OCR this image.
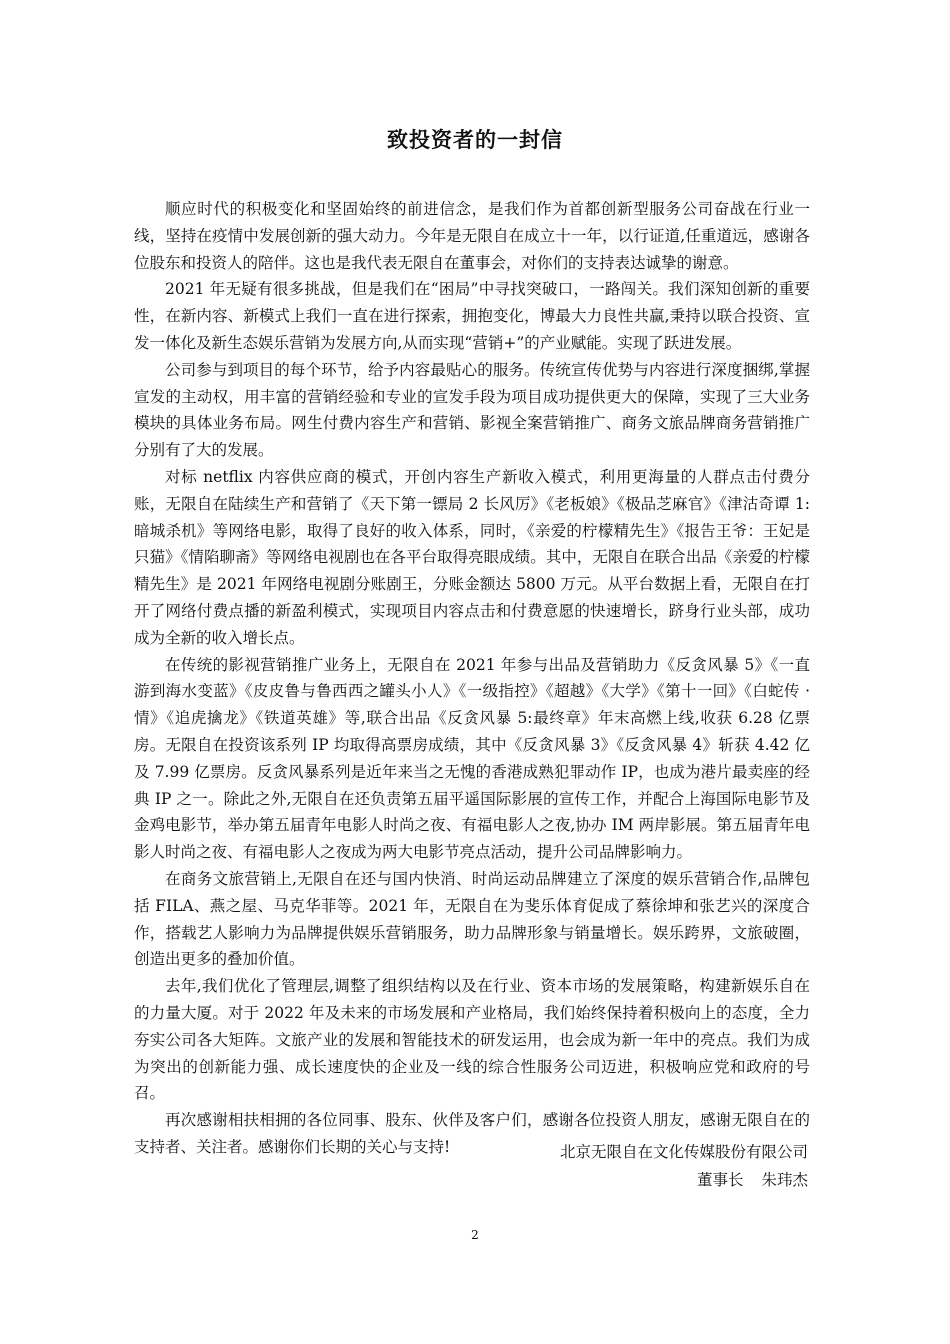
致投资者的一封信

顺应时代的积极变化和坚固始终的前进信念，是我们作为首都创新型服务公司奋战在行业一线，坚持在疫情中发展创新的强大动力。今年是无限自在成立十一年，以行证道,任重道远，感谢各位股东和投资人的陪伴。这也是我代表无限自在董事会，对你们的支持表达诚挚的谢意。

2021 年无疑有很多挑战，但是我们在“困局”中寻找突破口，一路闯关。我们深知创新的重要性，在新内容、新模式上我们一直在进行探索，拥抱变化，博最大力良性共赢,秉持以联合投资、宣发一体化及新生态娱乐营销为发展方向,从而实现“营销+”的产业赋能。实现了跃进发展。

公司参与到项目的每个环节，给予内容最贴心的服务。传统宣传优势与内容进行深度捆绑,掌握宣发的主动权，用丰富的营销经验和专业的宣发手段为项目成功提供更大的保障，实现了三大业务模块的具体业务布局。网生付费内容生产和营销、影视全案营销推广、商务文旅品牌商务营销推广分别有了大的发展。

对标 netflix 内容供应商的模式，开创内容生产新收入模式，利用更海量的人群点击付费分账，无限自在陆续生产和营销了《天下第一镖局 2 长风厉》《老板娘》《极品芝麻官》《津沽奇谭 1:暗城杀机》等网络电影，取得了良好的收入体系，同时，《亲爱的柠檬精先生》《报告王爷：王妃是只猫》《情陷聊斋》等网络电视剧也在各平台取得亮眼成绩。其中，无限自在联合出品《亲爱的柠檬精先生》是 2021 年网络电视剧分账剧王，分账金额达 5800 万元。从平台数据上看，无限自在打开了网络付费点播的新盈利模式，实现项目内容点击和付费意愿的快速增长，跻身行业头部，成功成为全新的收入增长点。

在传统的影视营销推广业务上，无限自在 2021 年参与出品及营销助力《反贪风暴 5》《一直游到海水变蓝》《皮皮鲁与鲁西西之罐头小人》《一级指控》《超越》《大学》《第十一回》《白蛇传 · 情》《追虎擒龙》《铁道英雄》等,联合出品《反贪风暴 5:最终章》年末高燃上线,收获 6.28 亿票房。无限自在投资该系列 IP 均取得高票房成绩，其中《反贪风暴 3》《反贪风暴 4》斩获 4.42 亿及 7.99 亿票房。反贪风暴系列是近年来当之无愧的香港成熟犯罪动作 IP，也成为港片最卖座的经典 IP 之一。除此之外,无限自在还负责第五届平遥国际影展的宣传工作，并配合上海国际电影节及金鸡电影节，举办第五届青年电影人时尚之夜、有福电影人之夜,协办 IM 两岸影展。第五届青年电影人时尚之夜、有福电影人之夜成为两大电影节亮点活动，提升公司品牌影响力。

在商务文旅营销上,无限自在还与国内快消、时尚运动品牌建立了深度的娱乐营销合作,品牌包括 FILA、燕之屋、马克华菲等。2021 年，无限自在为斐乐体育促成了蔡徐坤和张艺兴的深度合作，搭载艺人影响力为品牌提供娱乐营销服务，助力品牌形象与销量增长。娱乐跨界，文旅破圈，创造出更多的叠加价值。

去年,我们优化了管理层,调整了组织结构以及在行业、资本市场的发展策略，构建新娱乐自在的力量大厦。对于 2022 年及未来的市场发展和产业格局，我们始终保持着积极向上的态度，全力夯实公司各大矩阵。文旅产业的发展和智能技术的研发运用，也会成为新一年中的亮点。我们为成为突出的创新能力强、成长速度快的企业及一线的综合性服务公司迈进，积极响应党和政府的号召。

再次感谢相扶相拥的各位同事、股东、伙伴及客户们，感谢各位投资人朋友，感谢无限自在的支持者、关注者。感谢你们长期的关心与支持!	北京无限自在文化传媒股份有限公司
董事长 朱玮杰
2
